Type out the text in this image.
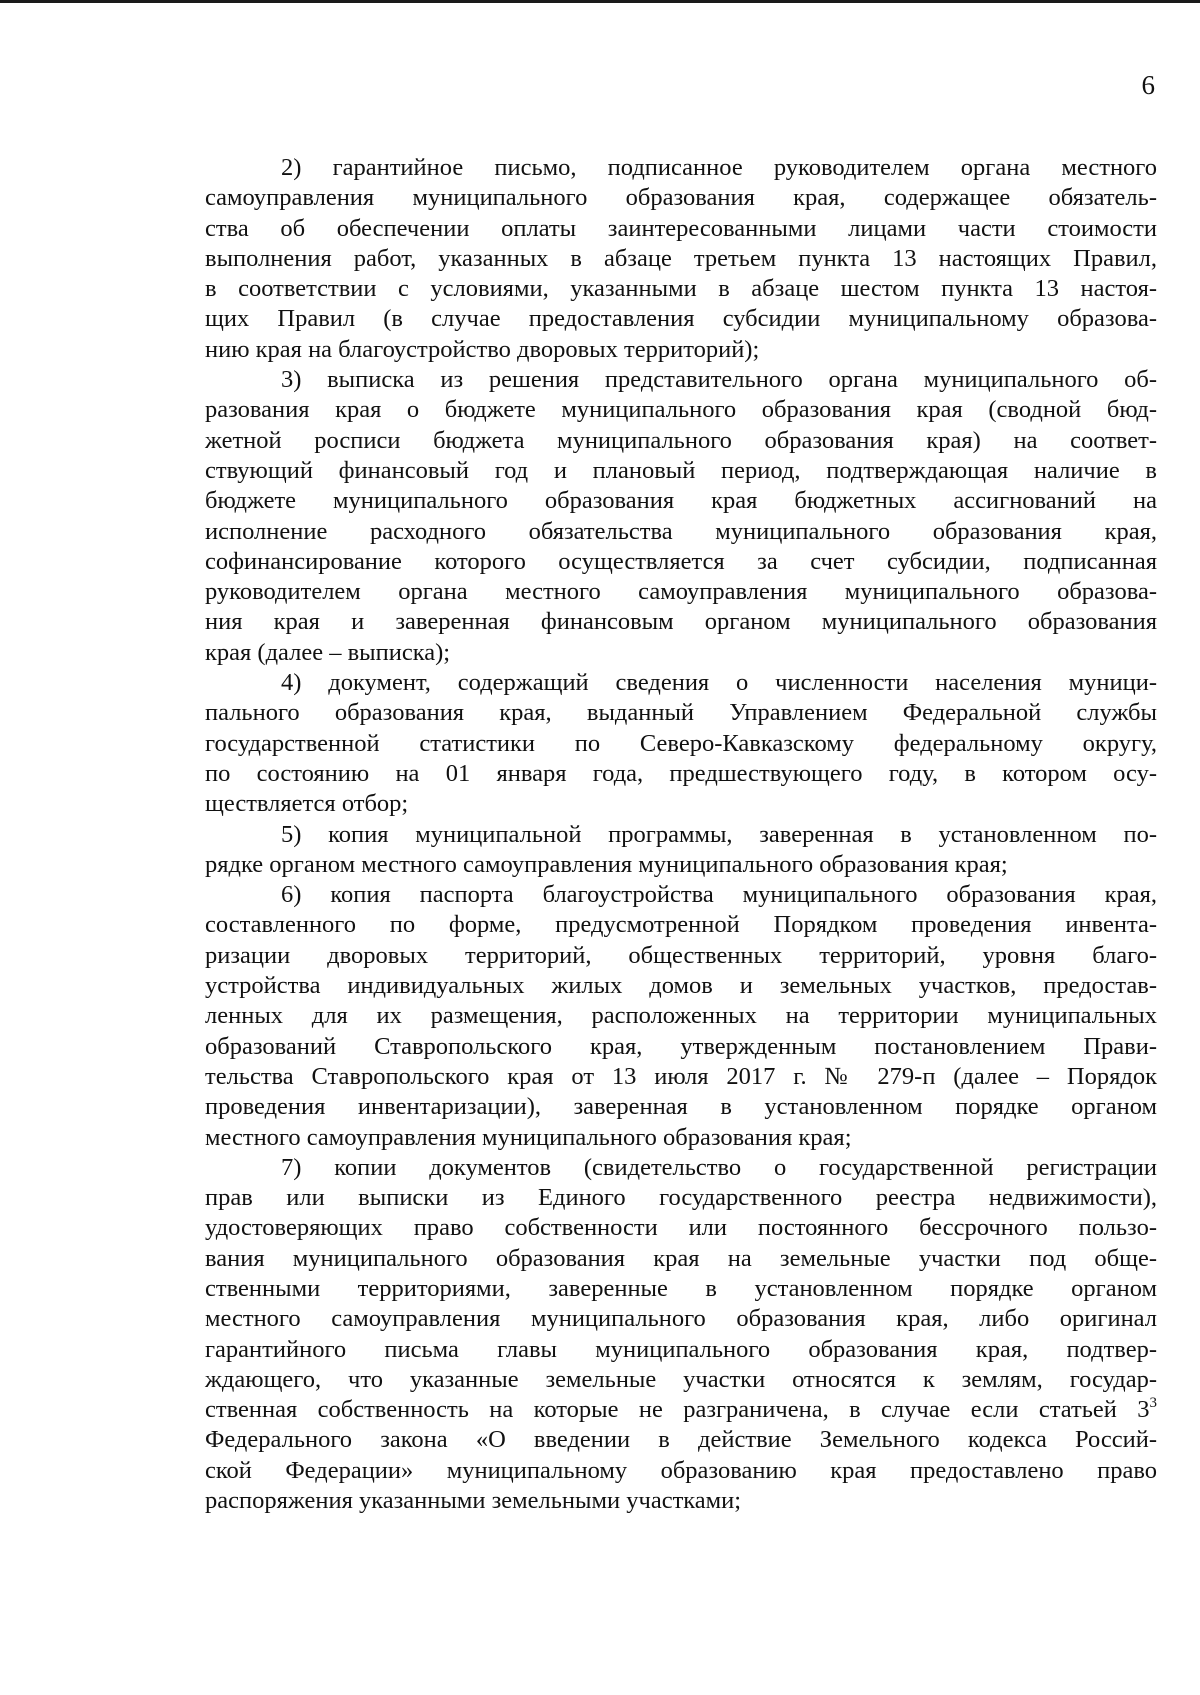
6
2) гарантийное письмо, подписанное руководителем органа местного
самоуправления муниципального образования края, содержащее обязатель-
ства об обеспечении оплаты заинтересованными лицами части стоимости
выполнения работ, указанных в абзаце третьем пункта 13 настоящих Правил,
в соответствии с условиями, указанными в абзаце шестом пункта 13 настоя-
щих Правил (в случае предоставления субсидии муниципальному образова-
нию края на благоустройство дворовых территорий);
3) выписка из решения представительного органа муниципального об-
разования края о бюджете муниципального образования края (сводной бюд-
жетной росписи бюджета муниципального образования края) на соответ-
ствующий финансовый год и плановый период, подтверждающая наличие в
бюджете муниципального образования края бюджетных ассигнований на
исполнение расходного обязательства муниципального образования края,
софинансирование которого осуществляется за счет субсидии, подписанная
руководителем органа местного самоуправления муниципального образова-
ния края и заверенная финансовым органом муниципального образования
края (далее – выписка);
4) документ, содержащий сведения о численности населения муници-
пального образования края, выданный Управлением Федеральной службы
государственной статистики по Северо-Кавказскому федеральному округу,
по состоянию на 01 января года, предшествующего году, в котором осу-
ществляется отбор;
5) копия муниципальной программы, заверенная в установленном по-
рядке органом местного самоуправления муниципального образования края;
6) копия паспорта благоустройства муниципального образования края,
составленного по форме, предусмотренной Порядком проведения инвента-
ризации дворовых территорий, общественных территорий, уровня благо-
устройства индивидуальных жилых домов и земельных участков, предостав-
ленных для их размещения, расположенных на территории муниципальных
образований Ставропольского края, утвержденным постановлением Прави-
тельства Ставропольского края от 13 июля 2017 г. № 279-п (далее – Порядок
проведения инвентаризации), заверенная в установленном порядке органом
местного самоуправления муниципального образования края;
7) копии документов (свидетельство о государственной регистрации
прав или выписки из Единого государственного реестра недвижимости),
удостоверяющих право собственности или постоянного бессрочного пользо-
вания муниципального образования края на земельные участки под обще-
ственными территориями, заверенные в установленном порядке органом
местного самоуправления муниципального образования края, либо оригинал
гарантийного письма главы муниципального образования края, подтвер-
ждающего, что указанные земельные участки относятся к землям, государ-
ственная собственность на которые не разграничена, в случае если статьей 3$^3$
Федерального закона «О введении в действие Земельного кодекса Россий-
ской Федерации» муниципальному образованию края предоставлено право
распоряжения указанными земельными участками;
